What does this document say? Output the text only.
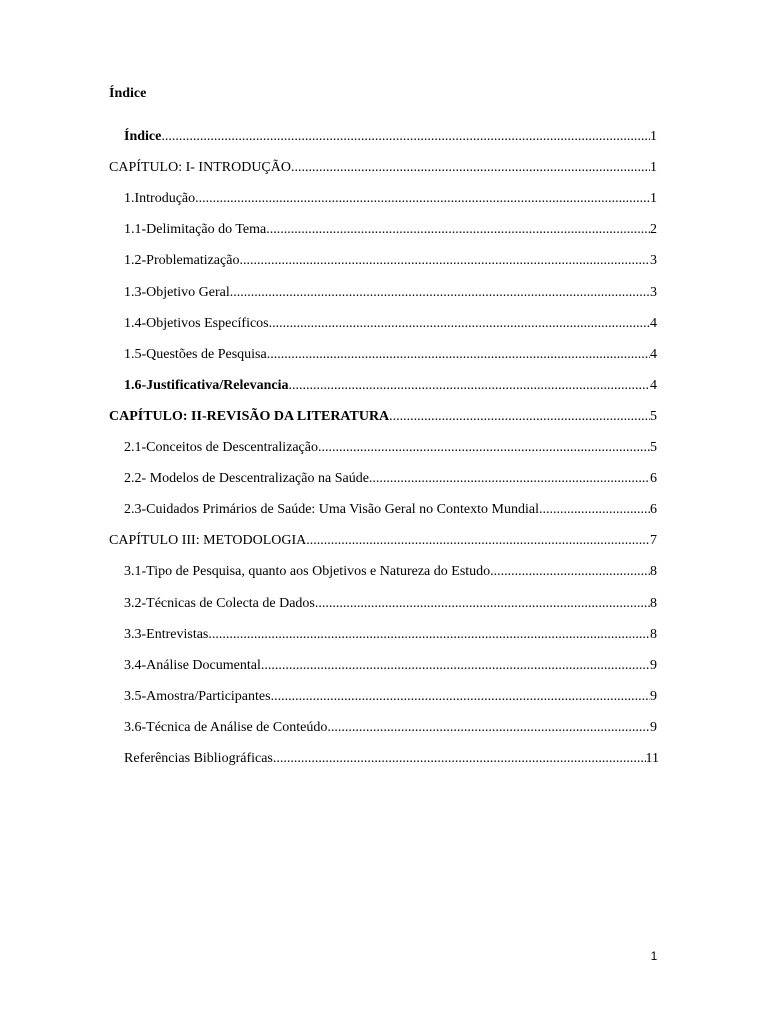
Índice
Índice .....	1
CAPÍTULO: I- INTRODUÇÃO .....	1
1.Introdução .....	1
1.1-Delimitação do Tema .....	2
1.2-Problematização .....	3
1.3-Objetivo Geral .....	3
1.4-Objetivos Específicos .....	4
1.5-Questões de Pesquisa .....	4
1.6-Justificativa/Relevancia .....	4
CAPÍTULO: II-REVISÃO DA LITERATURA .....	5
2.1-Conceitos de Descentralização .....	5
2.2- Modelos de Descentralização na Saúde .....	6
2.3-Cuidados Primários de Saúde: Uma Visão Geral no Contexto Mundial .....	6
CAPÍTULO III: METODOLOGIA .....	7
3.1-Tipo de Pesquisa, quanto aos Objetivos e Natureza do Estudo .....	8
3.2-Técnicas de Colecta de Dados .....	8
3.3-Entrevistas .....	8
3.4-Análise Documental .....	9
3.5-Amostra/Participantes .....	9
3.6-Técnica de Análise de Conteúdo .....	9
Referências Bibliográficas .....	11
1
